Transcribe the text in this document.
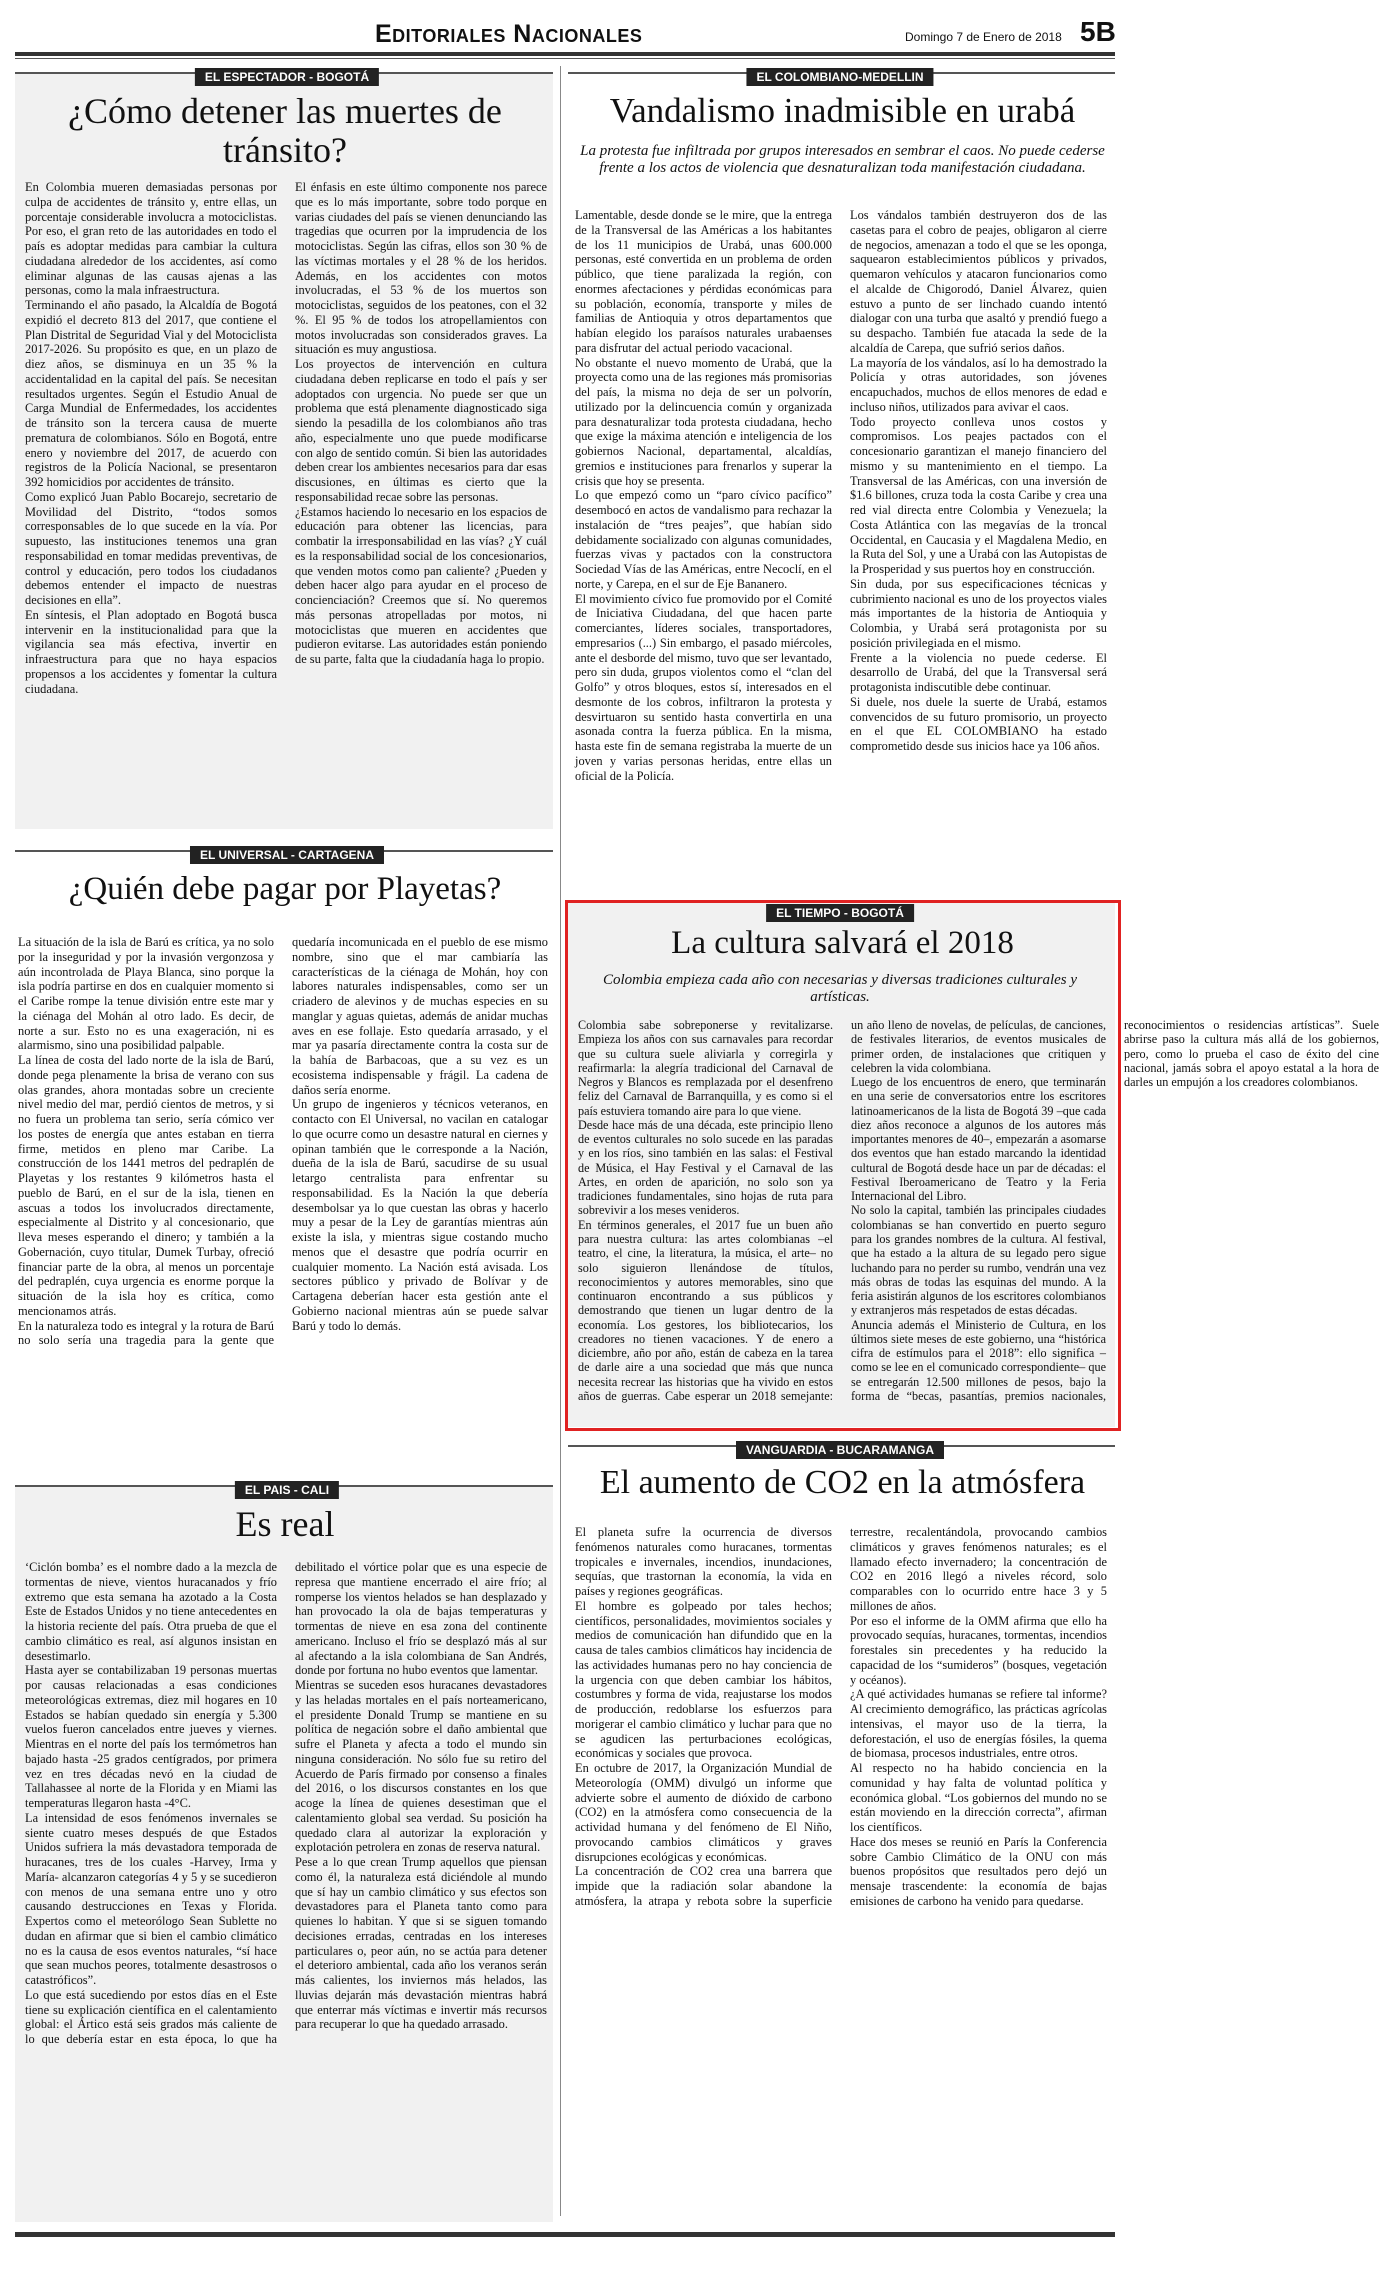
Editoriales Nacionales	Domingo 7 de Enero de 2018 5B
EL ESPECTADOR - BOGOTÁ
¿Cómo detener las muertes de tránsito?

En Colombia mueren demasiadas personas por culpa de accidentes de tránsito y, entre ellas, un porcentaje considerable involucra a motociclistas. Por eso, el gran reto de las autoridades en todo el país es adoptar medidas para cambiar la cultura ciudadana alrededor de los accidentes, así como eliminar algunas de las causas ajenas a las personas, como la mala infraestructura.

Terminando el año pasado, la Alcaldía de Bogotá expidió el decreto 813 del 2017, que contiene el Plan Distrital de Seguridad Vial y del Motociclista 2017-2026. Su propósito es que, en un plazo de diez años, se disminuya en un 35 % la accidentalidad en la capital del país. Se necesitan resultados urgentes. Según el Estudio Anual de Carga Mundial de Enfermedades, los accidentes de tránsito son la tercera causa de muerte prematura de colombianos. Sólo en Bogotá, entre enero y noviembre del 2017, de acuerdo con registros de la Policía Nacional, se presentaron 392 homicidios por accidentes de tránsito.

Como explicó Juan Pablo Bocarejo, secretario de Movilidad del Distrito, “todos somos corresponsables de lo que sucede en la vía. Por supuesto, las instituciones tenemos una gran responsabilidad en tomar medidas preventivas, de control y educación, pero todos los ciudadanos debemos entender el impacto de nuestras decisiones en ella”.

En síntesis, el Plan adoptado en Bogotá busca intervenir en la institucionalidad para que la vigilancia sea más efectiva, invertir en infraestructura para que no haya espacios propensos a los accidentes y fomentar la cultura ciudadana.

El énfasis en este último componente nos parece que es lo más importante, sobre todo porque en varias ciudades del país se vienen denunciando las tragedias que ocurren por la imprudencia de los motociclistas. Según las cifras, ellos son 30 % de las víctimas mortales y el 28 % de los heridos. Además, en los accidentes con motos involucradas, el 53 % de los muertos son motociclistas, seguidos de los peatones, con el 32 %. El 95 % de todos los atropellamientos con motos involucradas son considerados graves. La situación es muy angustiosa.

Los proyectos de intervención en cultura ciudadana deben replicarse en todo el país y ser adoptados con urgencia. No puede ser que un problema que está plenamente diagnosticado siga siendo la pesadilla de los colombianos año tras año, especialmente uno que puede modificarse con algo de sentido común. Si bien las autoridades deben crear los ambientes necesarios para dar esas discusiones, en últimas es cierto que la responsabilidad recae sobre las personas.

¿Estamos haciendo lo necesario en los espacios de educación para obtener las licencias, para combatir la irresponsabilidad en las vías? ¿Y cuál es la responsabilidad social de los concesionarios, que venden motos como pan caliente? ¿Pueden y deben hacer algo para ayudar en el proceso de concienciación? Creemos que sí. No queremos más personas atropelladas por motos, ni motociclistas que mueren en accidentes que pudieron evitarse. Las autoridades están poniendo de su parte, falta que la ciudadanía haga lo propio.

EL UNIVERSAL - CARTAGENA
¿Quién debe pagar por Playetas?

La situación de la isla de Barú es crítica, ya no solo por la inseguridad y por la invasión vergonzosa y aún incontrolada de Playa Blanca, sino porque la isla podría partirse en dos en cualquier momento si el Caribe rompe la tenue división entre este mar y la ciénaga del Mohán al otro lado. Es decir, de norte a sur. Esto no es una exageración, ni es alarmismo, sino una posibilidad palpable.

La línea de costa del lado norte de la isla de Barú, donde pega plenamente la brisa de verano con sus olas grandes, ahora montadas sobre un creciente nivel medio del mar, perdió cientos de metros, y si no fuera un problema tan serio, sería cómico ver los postes de energía que antes estaban en tierra firme, metidos en pleno mar Caribe. La construcción de los 1441 metros del pedraplén de Playetas y los restantes 9 kilómetros hasta el pueblo de Barú, en el sur de la isla, tienen en ascuas a todos los involucrados directamente, especialmente al Distrito y al concesionario, que lleva meses esperando el dinero; y también a la Gobernación, cuyo titular, Dumek Turbay, ofreció financiar parte de la obra, al menos un porcentaje del pedraplén, cuya urgencia es enorme porque la situación de la isla hoy es crítica, como mencionamos atrás.

En la naturaleza todo es integral y la rotura de Barú no solo sería una tragedia para la gente que quedaría incomunicada en el pueblo de ese mismo nombre, sino que el mar cambiaría las características de la ciénaga de Mohán, hoy con labores naturales indispensables, como ser un criadero de alevinos y de muchas especies en su manglar y aguas quietas, además de anidar muchas aves en ese follaje. Esto quedaría arrasado, y el mar ya pasaría directamente contra la costa sur de la bahía de Barbacoas, que a su vez es un ecosistema indispensable y frágil. La cadena de daños sería enorme.

Un grupo de ingenieros y técnicos veteranos, en contacto con El Universal, no vacilan en catalogar lo que ocurre como un desastre natural en ciernes y opinan también que le corresponde a la Nación, dueña de la isla de Barú, sacudirse de su usual letargo centralista para enfrentar su responsabilidad. Es la Nación la que debería desembolsar ya lo que cuestan las obras y hacerlo muy a pesar de la Ley de garantías mientras aún existe la isla, y mientras sigue costando mucho menos que el desastre que podría ocurrir en cualquier momento. La Nación está avisada. Los sectores público y privado de Bolívar y de Cartagena deberían hacer esta gestión ante el Gobierno nacional mientras aún se puede salvar Barú y todo lo demás.

EL PAIS - CALI
Es real

‘Ciclón bomba’ es el nombre dado a la mezcla de tormentas de nieve, vientos huracanados y frío extremo que esta semana ha azotado a la Costa Este de Estados Unidos y no tiene antecedentes en la historia reciente del país. Otra prueba de que el cambio climático es real, así algunos insistan en desestimarlo.

Hasta ayer se contabilizaban 19 personas muertas por causas relacionadas a esas condiciones meteorológicas extremas, diez mil hogares en 10 Estados se habían quedado sin energía y 5.300 vuelos fueron cancelados entre jueves y viernes. Mientras en el norte del país los termómetros han bajado hasta -25 grados centígrados, por primera vez en tres décadas nevó en la ciudad de Tallahassee al norte de la Florida y en Miami las temperaturas llegaron hasta -4°C.

La intensidad de esos fenómenos invernales se siente cuatro meses después de que Estados Unidos sufriera la más devastadora temporada de huracanes, tres de los cuales -Harvey, Irma y María- alcanzaron categorías 4 y 5 y se sucedieron con menos de una semana entre uno y otro causando destrucciones en Texas y Florida. Expertos como el meteorólogo Sean Sublette no dudan en afirmar que si bien el cambio climático no es la causa de esos eventos naturales, “sí hace que sean muchos peores, totalmente desastrosos o catastróficos”.

Lo que está sucediendo por estos días en el Este tiene su explicación científica en el calentamiento global: el Ártico está seis grados más caliente de lo que debería estar en esta época, lo que ha debilitado el vórtice polar que es una especie de represa que mantiene encerrado el aire frío; al romperse los vientos helados se han desplazado y han provocado la ola de bajas temperaturas y tormentas de nieve en esa zona del continente americano. Incluso el frío se desplazó más al sur al afectando a la isla colombiana de San Andrés, donde por fortuna no hubo eventos que lamentar.

Mientras se suceden esos huracanes devastadores y las heladas mortales en el país norteamericano, el presidente Donald Trump se mantiene en su política de negación sobre el daño ambiental que sufre el Planeta y afecta a todo el mundo sin ninguna consideración. No sólo fue su retiro del Acuerdo de París firmado por consenso a finales del 2016, o los discursos constantes en los que acoge la línea de quienes desestiman que el calentamiento global sea verdad. Su posición ha quedado clara al autorizar la exploración y explotación petrolera en zonas de reserva natural.

Pese a lo que crean Trump aquellos que piensan como él, la naturaleza está diciéndole al mundo que sí hay un cambio climático y sus efectos son devastadores para el Planeta tanto como para quienes lo habitan. Y que si se siguen tomando decisiones erradas, centradas en los intereses particulares o, peor aún, no se actúa para detener el deterioro ambiental, cada año los veranos serán más calientes, los inviernos más helados, las lluvias dejarán más devastación mientras habrá que enterrar más víctimas e invertir más recursos para recuperar lo que ha quedado arrasado.

EL COLOMBIANO-MEDELLIN
Vandalismo inadmisible en urabá
La protesta fue infiltrada por grupos interesados en sembrar el caos. No puede cederse frente a los actos de violencia que desnaturalizan toda manifestación ciudadana.

Lamentable, desde donde se le mire, que la entrega de la Transversal de las Américas a los habitantes de los 11 municipios de Urabá, unas 600.000 personas, esté convertida en un problema de orden público, que tiene paralizada la región, con enormes afectaciones y pérdidas económicas para su población, economía, transporte y miles de familias de Antioquia y otros departamentos que habían elegido los paraísos naturales urabaenses para disfrutar del actual periodo vacacional.

No obstante el nuevo momento de Urabá, que la proyecta como una de las regiones más promisorias del país, la misma no deja de ser un polvorín, utilizado por la delincuencia común y organizada para desnaturalizar toda protesta ciudadana, hecho que exige la máxima atención e inteligencia de los gobiernos Nacional, departamental, alcaldías, gremios e instituciones para frenarlos y superar la crisis que hoy se presenta.

Lo que empezó como un “paro cívico pacífico” desembocó en actos de vandalismo para rechazar la instalación de “tres peajes”, que habían sido debidamente socializado con algunas comunidades, fuerzas vivas y pactados con la constructora Sociedad Vías de las Américas, entre Necoclí, en el norte, y Carepa, en el sur de Eje Bananero.

El movimiento cívico fue promovido por el Comité de Iniciativa Ciudadana, del que hacen parte comerciantes, líderes sociales, transportadores, empresarios (...) Sin embargo, el pasado miércoles, ante el desborde del mismo, tuvo que ser levantado, pero sin duda, grupos violentos como el “clan del Golfo” y otros bloques, estos sí, interesados en el desmonte de los cobros, infiltraron la protesta y desvirtuaron su sentido hasta convertirla en una asonada contra la fuerza pública. En la misma, hasta este fin de semana registraba la muerte de un joven y varias personas heridas, entre ellas un oficial de la Policía.

Los vándalos también destruyeron dos de las casetas para el cobro de peajes, obligaron al cierre de negocios, amenazan a todo el que se les oponga, saquearon establecimientos públicos y privados, quemaron vehículos y atacaron funcionarios como el alcalde de Chigorodó, Daniel Álvarez, quien estuvo a punto de ser linchado cuando intentó dialogar con una turba que asaltó y prendió fuego a su despacho. También fue atacada la sede de la alcaldía de Carepa, que sufrió serios daños.

La mayoría de los vándalos, así lo ha demostrado la Policía y otras autoridades, son jóvenes encapuchados, muchos de ellos menores de edad e incluso niños, utilizados para avivar el caos.

Todo proyecto conlleva unos costos y compromisos. Los peajes pactados con el concesionario garantizan el manejo financiero del mismo y su mantenimiento en el tiempo. La Transversal de las Américas, con una inversión de $1.6 billones, cruza toda la costa Caribe y crea una red vial directa entre Colombia y Venezuela; la Costa Atlántica con las megavías de la troncal Occidental, en Caucasia y el Magdalena Medio, en la Ruta del Sol, y une a Urabá con las Autopistas de la Prosperidad y sus puertos hoy en construcción.

Sin duda, por sus especificaciones técnicas y cubrimiento nacional es uno de los proyectos viales más importantes de la historia de Antioquia y Colombia, y Urabá será protagonista por su posición privilegiada en el mismo.

Frente a la violencia no puede cederse. El desarrollo de Urabá, del que la Transversal será protagonista indiscutible debe continuar.

Si duele, nos duele la suerte de Urabá, estamos convencidos de su futuro promisorio, un proyecto en el que EL COLOMBIANO ha estado comprometido desde sus inicios hace ya 106 años.

EL TIEMPO - BOGOTÁ
La cultura salvará el 2018
Colombia empieza cada año con necesarias y diversas tradiciones culturales y artísticas.

Colombia sabe sobreponerse y revitalizarse. Empieza los años con sus carnavales para recordar que su cultura suele aliviarla y corregirla y reafirmarla: la alegría tradicional del Carnaval de Negros y Blancos es remplazada por el desenfreno feliz del Carnaval de Barranquilla, y es como si el país estuviera tomando aire para lo que viene.

Desde hace más de una década, este principio lleno de eventos culturales no solo sucede en las paradas y en los ríos, sino también en las salas: el Festival de Música, el Hay Festival y el Carnaval de las Artes, en orden de aparición, no solo son ya tradiciones fundamentales, sino hojas de ruta para sobrevivir a los meses venideros.

En términos generales, el 2017 fue un buen año para nuestra cultura: las artes colombianas –el teatro, el cine, la literatura, la música, el arte– no solo siguieron llenándose de títulos, reconocimientos y autores memorables, sino que continuaron encontrando a sus públicos y demostrando que tienen un lugar dentro de la economía. Los gestores, los bibliotecarios, los creadores no tienen vacaciones. Y de enero a diciembre, año por año, están de cabeza en la tarea de darle aire a una sociedad que más que nunca necesita recrear las historias que ha vivido en estos años de guerras. Cabe esperar un 2018 semejante: un año lleno de novelas, de películas, de canciones, de festivales literarios, de eventos musicales de primer orden, de instalaciones que critiquen y celebren la vida colombiana.

Luego de los encuentros de enero, que terminarán en una serie de conversatorios entre los escritores latinoamericanos de la lista de Bogotá 39 –que cada diez años reconoce a algunos de los autores más importantes menores de 40–, empezarán a asomarse dos eventos que han estado marcando la identidad cultural de Bogotá desde hace un par de décadas: el Festival Iberoamericano de Teatro y la Feria Internacional del Libro.

No solo la capital, también las principales ciudades colombianas se han convertido en puerto seguro para los grandes nombres de la cultura. Al festival, que ha estado a la altura de su legado pero sigue luchando para no perder su rumbo, vendrán una vez más obras de todas las esquinas del mundo. A la feria asistirán algunos de los escritores colombianos y extranjeros más respetados de estas décadas.

Anuncia además el Ministerio de Cultura, en los últimos siete meses de este gobierno, una “histórica cifra de estímulos para el 2018”: ello significa –como se lee en el comunicado correspondiente– que se entregarán 12.500 millones de pesos, bajo la forma de “becas, pasantías, premios nacionales, reconocimientos o residencias artísticas”. Suele abrirse paso la cultura más allá de los gobiernos, pero, como lo prueba el caso de éxito del cine nacional, jamás sobra el apoyo estatal a la hora de darles un empujón a los creadores colombianos.

VANGUARDIA - BUCARAMANGA
El aumento de CO2 en la atmósfera

El planeta sufre la ocurrencia de diversos fenómenos naturales como huracanes, tormentas tropicales e invernales, incendios, inundaciones, sequías, que trastornan la economía, la vida en países y regiones geográficas.

El hombre es golpeado por tales hechos; científicos, personalidades, movimientos sociales y medios de comunicación han difundido que en la causa de tales cambios climáticos hay incidencia de las actividades humanas pero no hay conciencia de la urgencia con que deben cambiar los hábitos, costumbres y forma de vida, reajustarse los modos de producción, redoblarse los esfuerzos para morigerar el cambio climático y luchar para que no se agudicen las perturbaciones ecológicas, económicas y sociales que provoca.

En octubre de 2017, la Organización Mundial de Meteorología (OMM) divulgó un informe que advierte sobre el aumento de dióxido de carbono (CO2) en la atmósfera como consecuencia de la actividad humana y del fenómeno de El Niño, provocando cambios climáticos y graves disrupciones ecológicas y económicas.

La concentración de CO2 crea una barrera que impide que la radiación solar abandone la atmósfera, la atrapa y rebota sobre la superficie terrestre, recalentándola, provocando cambios climáticos y graves fenómenos naturales; es el llamado efecto invernadero; la concentración de CO2 en 2016 llegó a niveles récord, solo comparables con lo ocurrido entre hace 3 y 5 millones de años.

Por eso el informe de la OMM afirma que ello ha provocado sequías, huracanes, tormentas, incendios forestales sin precedentes y ha reducido la capacidad de los “sumideros” (bosques, vegetación y océanos).

¿A qué actividades humanas se refiere tal informe? Al crecimiento demográfico, las prácticas agrícolas intensivas, el mayor uso de la tierra, la deforestación, el uso de energías fósiles, la quema de biomasa, procesos industriales, entre otros.

Al respecto no ha habido conciencia en la comunidad y hay falta de voluntad política y económica global. “Los gobiernos del mundo no se están moviendo en la dirección correcta”, afirman los científicos.

Hace dos meses se reunió en París la Conferencia sobre Cambio Climático de la ONU con más buenos propósitos que resultados pero dejó un mensaje trascendente: la economía de bajas emisiones de carbono ha venido para quedarse.
